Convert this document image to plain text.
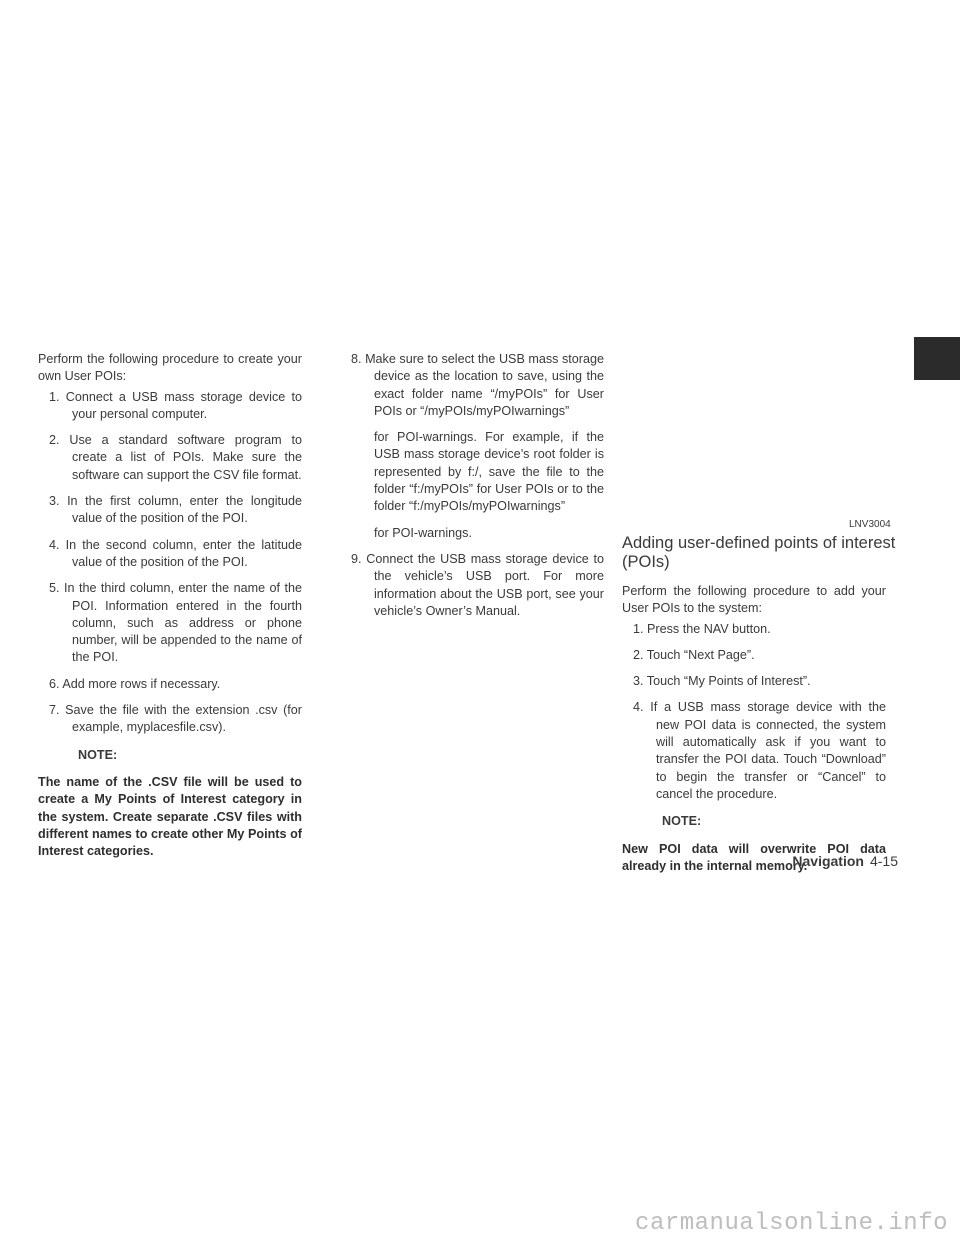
Perform the following procedure to create your own User POIs:

1. Connect a USB mass storage device to your personal computer.
2. Use a standard software program to create a list of POIs. Make sure the software can support the CSV file format.
3. In the first column, enter the longitude value of the position of the POI.
4. In the second column, enter the latitude value of the position of the POI.
5. In the third column, enter the name of the POI. Information entered in the fourth column, such as address or phone number, will be appended to the name of the POI.
6. Add more rows if necessary.
7. Save the file with the extension .csv (for example, myplacesfile.csv).
NOTE:

The name of the .CSV file will be used to create a My Points of Interest category in the system. Create separate .CSV files with different names to create other My Points of Interest categories.

8. Make sure to select the USB mass storage device as the location to save, using the exact folder name “/myPOIs” for User POIs or “/myPOIs/myPOIwarnings”
for POI-warnings. For example, if the USB mass storage device’s root folder is represented by f:/, save the file to the folder “f:/myPOIs” for User POIs or to the folder “f:/myPOIs/myPOIwarnings”
for POI-warnings.
9. Connect the USB mass storage device to the vehicle’s USB port. For more information about the USB port, see your vehicle’s Owner’s Manual.
LNV3004
Adding user-defined points of interest (POIs)

Perform the following procedure to add your User POIs to the system:

1. Press the NAV button.
2. Touch “Next Page”.
3. Touch “My Points of Interest”.
4. If a USB mass storage device with the new POI data is connected, the system will automatically ask if you want to transfer the POI data. Touch “Download” to begin the transfer or “Cancel” to cancel the procedure.
NOTE:

New POI data will overwrite POI data already in the internal memory.

Navigation 4-15
carmanualsonline.info
